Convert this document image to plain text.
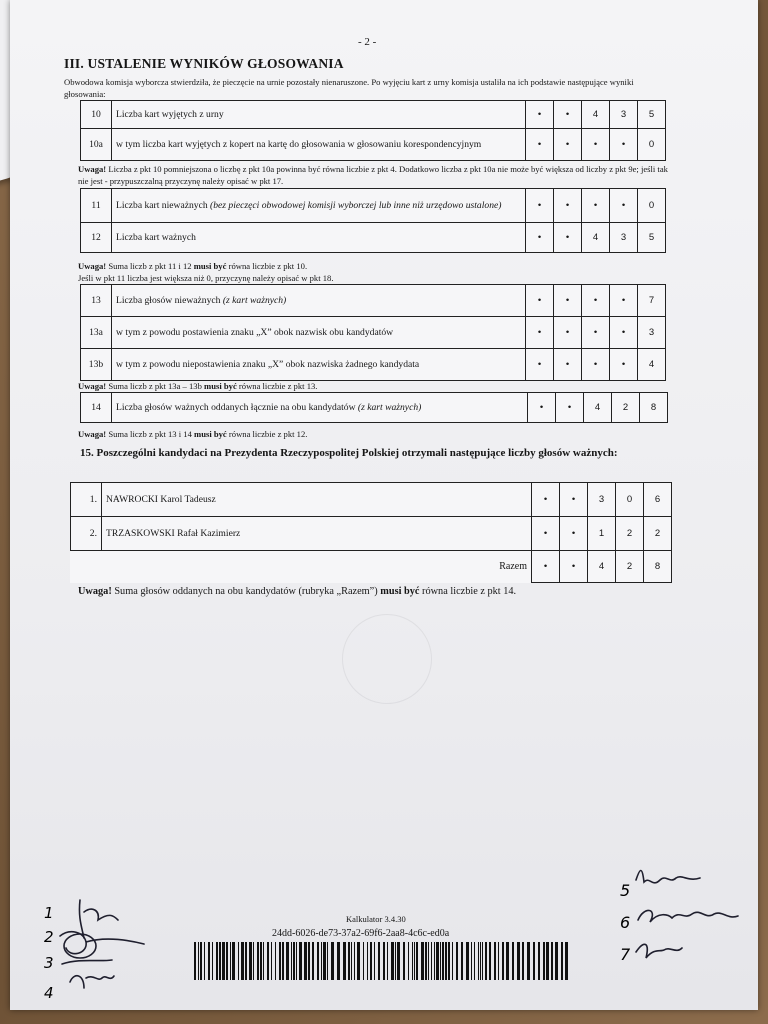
- 2 -
III. USTALENIE WYNIKÓW GŁOSOWANIA
Obwodowa komisja wyborcza stwierdziła, że pieczęcie na urnie pozostały nienaruszone. Po wyjęciu kart z urny komisja ustaliła na ich podstawie następujące wyniki głosowania:
10	Liczba kart wyjętych z urny	•	•	4	3	5
10a	w tym liczba kart wyjętych z kopert na kartę do głosowania w głosowaniu korespondencyjnym	•	•	•	•	0
Uwaga! Liczba z pkt 10 pomniejszona o liczbę z pkt 10a powinna być równa liczbie z pkt 4. Dodatkowo liczba z pkt 10a nie może być większa od liczby z pkt 9e; jeśli tak nie jest - przypuszczalną przyczynę należy opisać w pkt 17.
11	Liczba kart nieważnych (bez pieczęci obwodowej komisji wyborczej lub inne niż urzędowo ustalone)	•	•	•	•	0
12	Liczba kart ważnych	•	•	4	3	5
Uwaga! Suma liczb z pkt 11 i 12 musi być równa liczbie z pkt 10.
Jeśli w pkt 11 liczba jest większa niż 0, przyczynę należy opisać w pkt 18.
13	Liczba głosów nieważnych (z kart ważnych)	•	•	•	•	7
13a	w tym z powodu postawienia znaku „X” obok nazwisk obu kandydatów	•	•	•	•	3
13b	w tym z powodu niepostawienia znaku „X” obok nazwiska żadnego kandydata	•	•	•	•	4
Uwaga! Suma liczb z pkt 13a – 13b musi być równa liczbie z pkt 13.
14	Liczba głosów ważnych oddanych łącznie na obu kandydatów (z kart ważnych)	•	•	4	2	8
Uwaga! Suma liczb z pkt 13 i 14 musi być równa liczbie z pkt 12.
15. Poszczególni kandydaci na Prezydenta Rzeczypospolitej Polskiej otrzymali następujące liczby głosów ważnych:
1.	NAWROCKI Karol Tadeusz	•	•	3	0	6
2.	TRZASKOWSKI Rafał Kazimierz	•	•	1	2	2
	Razem	•	•	4	2	8
Uwaga! Suma głosów oddanych na obu kandydatów (rubryka „Razem”) musi być równa liczbie z pkt 14.
Kalkulator 3.4.30
24dd-6026-de73-37a2-69f6-2aa8-4c6c-ed0a
1
2
3
4
5
6
7
